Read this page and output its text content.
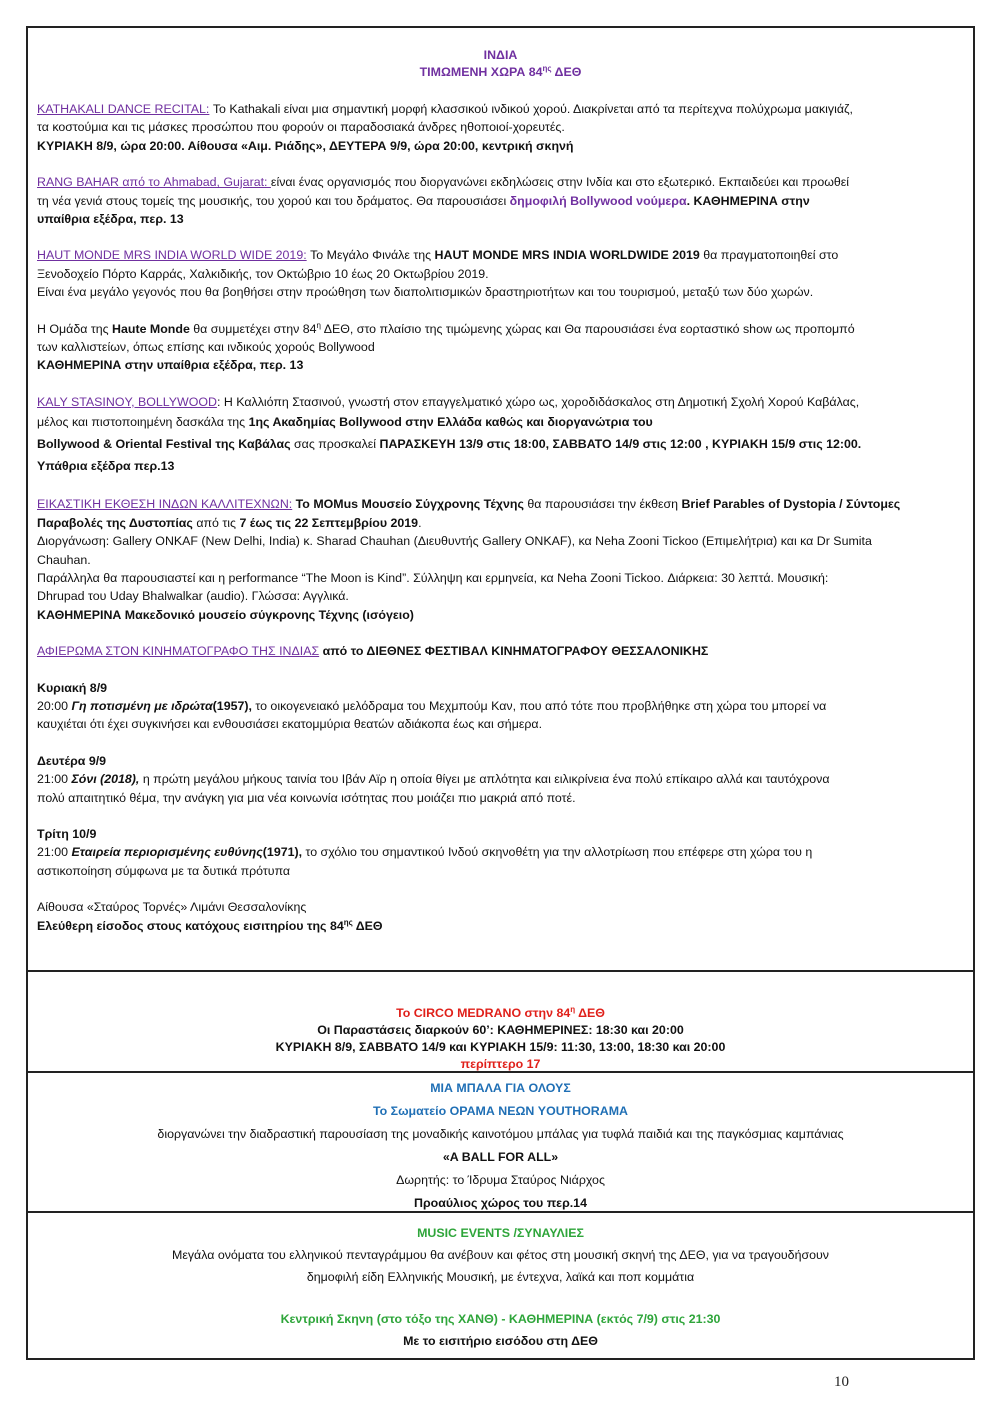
ΙΝΔΙΑ
ΤΙΜΩΜΕΝΗ ΧΩΡΑ $84^{\eta\varsigma}$ ΔΕΘ

KATHAKALI DANCE RECITAL: Το Kathakali είναι μια σημαντική μορφή κλασσικού ινδικού χορού. Διακρίνεται από τα περίτεχνα πολύχρωμα μακιγιάζ,

τα κοστούμια και τις μάσκες προσώπου που φορούν οι παραδοσιακά άνδρες ηθοποιοί-χορευτές.

ΚΥΡΙΑΚΗ 8/9, ώρα 20:00. Αίθουσα «Αιμ. Ριάδης», ΔΕΥΤΕΡΑ 9/9, ώρα 20:00, κεντρική σκηνή

RANG BAHAR από το Ahmabad, Gujarat: είναι ένας οργανισμός που διοργανώνει εκδηλώσεις στην Ινδία και στο εξωτερικό. Εκπαιδεύει και προωθεί

τη νέα γενιά στους τομείς της μουσικής, του χορού και του δράματος. Θα παρουσιάσει δημοφιλή Bollywood νούμερα. ΚΑΘΗΜΕΡΙΝΑ στην

υπαίθρια εξέδρα, περ. 13

HAUT MONDE MRS INDIA WORLD WIDE 2019: Το Μεγάλο Φινάλε της HAUT MONDE MRS INDIA WORLDWIDE 2019 θα πραγματοποιηθεί στο

Ξενοδοχείο Πόρτο Καρράς, Χαλκιδικής, τον Οκτώβριο 10 έως 20 Οκτωβρίου 2019.

Είναι ένα μεγάλο γεγονός που θα βοηθήσει στην προώθηση των διαπολιτισμικών δραστηριοτήτων και του τουρισμού, μεταξύ των δύο χωρών.

Η Ομάδα της Haute Monde θα συμμετέχει στην $84^\eta$ ΔΕΘ, στο πλαίσιο της τιμώμενης χώρας και Θα παρουσιάσει ένα εορταστικό show ως προπομπό

των καλλιστείων, όπως επίσης και ινδικούς χορούς Bollywood

ΚΑΘΗΜΕΡΙΝΑ στην υπαίθρια εξέδρα, περ. 13

KALY STASINOY, BOLLYWOOD: Η Καλλιόπη Στασινού, γνωστή στον επαγγελματικό χώρο ως, χοροδιδάσκαλος στη Δημοτική Σχολή Χορού Καβάλας,

μέλος και πιστοποιημένη δασκάλα της 1ης Ακαδημίας Bollywood στην Ελλάδα καθώς και διοργανώτρια του

Bollywood & Oriental Festival της Καβάλας σας προσκαλεί ΠΑΡΑΣΚΕΥΗ 13/9 στις 18:00, ΣΑΒΒΑΤΟ 14/9 στις 12:00 , ΚΥΡΙΑΚΗ 15/9 στις 12:00.

Υπάθρια εξέδρα περ.13

ΕΙΚΑΣΤΙΚΗ ΕΚΘΕΣΗ ΙΝΔΩΝ ΚΑΛΛΙΤΕΧΝΩΝ: Το MOMus Μουσείο Σύγχρονης Τέχνης θα παρουσιάσει την έκθεση Brief Parables of Dystopia / Σύντομες

Παραβολές της Δυστοπίας από τις 7 έως τις 22 Σεπτεμβρίου 2019.

Διοργάνωση: Gallery ONKAF (New Delhi, India) κ. Sharad Chauhan (Διευθυντής Gallery ONKAF), κα Neha Zooni Tickoo (Επιμελήτρια) και κα Dr Sumita

Chauhan.

Παράλληλα θα παρουσιαστεί και η performance “The Moon is Kind”. Σύλληψη και ερμηνεία, κα Neha Zooni Tickoo. Διάρκεια: 30 λεπτά. Μουσική:

Dhrupad του Uday Bhalwalkar (audio). Γλώσσα: Αγγλικά.

ΚΑΘΗΜΕΡΙΝΑ Μακεδονικό μουσείο σύγκρονης Τέχνης (ισόγειο)

ΑΦΙΕΡΩΜΑ ΣΤΟΝ ΚΙΝΗΜΑΤΟΓΡΑΦΟ ΤΗΣ ΙΝΔΙΑΣ από το ΔΙΕΘΝΕΣ ΦΕΣΤΙΒΑΛ ΚΙΝΗΜΑΤΟΓΡΑΦΟΥ ΘΕΣΣΑΛΟΝΙΚΗΣ

Κυριακή 8/9

20:00 Γη ποτισμένη με ιδρώτα(1957), το οικογενειακό μελόδραμα του Μεχμπούμ Καν, που από τότε που προβλήθηκε στη χώρα του μπορεί να

καυχιέται ότι έχει συγκινήσει και ενθουσιάσει εκατομμύρια θεατών αδιάκοπα έως και σήμερα.

Δευτέρα 9/9

21:00 Σόνι (2018), η πρώτη μεγάλου μήκους ταινία του Ιβάν Αϊρ η οποία θίγει με απλότητα και ειλικρίνεια ένα πολύ επίκαιρο αλλά και ταυτόχρονα

πολύ απαιτητικό θέμα, την ανάγκη για μια νέα κοινωνία ισότητας που μοιάζει πιο μακριά από ποτέ.

Τρίτη 10/9

21:00 Εταιρεία περιορισμένης ευθύνης(1971), το σχόλιο του σημαντικού Ινδού σκηνοθέτη για την αλλοτρίωση που επέφερε στη χώρα του η

αστικοποίηση σύμφωνα με τα δυτικά πρότυπα

Αίθουσα «Σταύρος Τορνές» Λιμάνι Θεσσαλονίκης

Ελεύθερη είσοδος στους κατόχους εισιτηρίου της $84^{\eta\varsigma}$ ΔΕΘ

Το CIRCO MEDRANO στην $84^\eta$ ΔΕΘ

Οι Παραστάσεις διαρκούν 60’: ΚΑΘΗΜΕΡΙΝΕΣ: 18:30 και 20:00

ΚΥΡΙΑΚΗ 8/9, ΣΑΒΒΑΤΟ 14/9 και ΚΥΡΙΑΚΗ 15/9: 11:30, 13:00, 18:30 και 20:00

περίπτερο 17

ΜΙΑ ΜΠΑΛΑ ΓΙΑ ΟΛΟΥΣ

Το Σωματείο ΟΡΑΜΑ ΝΕΩΝ YOUTHORAMA

διοργανώνει την διαδραστική παρουσίαση της μοναδικής καινοτόμου μπάλας για τυφλά παιδιά και της παγκόσμιας καμπάνιας

«A BALL FOR ALL»

Δωρητής: το Ίδρυμα Σταύρος Νιάρχος

Προαύλιος χώρος του περ.14

MUSIC EVENTS /ΣΥΝΑΥΛΙΕΣ

Μεγάλα ονόματα του ελληνικού πενταγράμμου θα ανέβουν και φέτος στη μουσική σκηνή της ΔΕΘ, για να τραγουδήσουν

δημοφιλή είδη Ελληνικής Μουσική, με έντεχνα, λαϊκά και ποπ κομμάτια

Κεντρική Σκηνη (στο τόξο της ΧΑΝΘ) - ΚΑΘΗΜΕΡΙΝΑ (εκτός 7/9) στις 21:30

Με το εισιτήριο εισόδου στη ΔΕΘ

10
